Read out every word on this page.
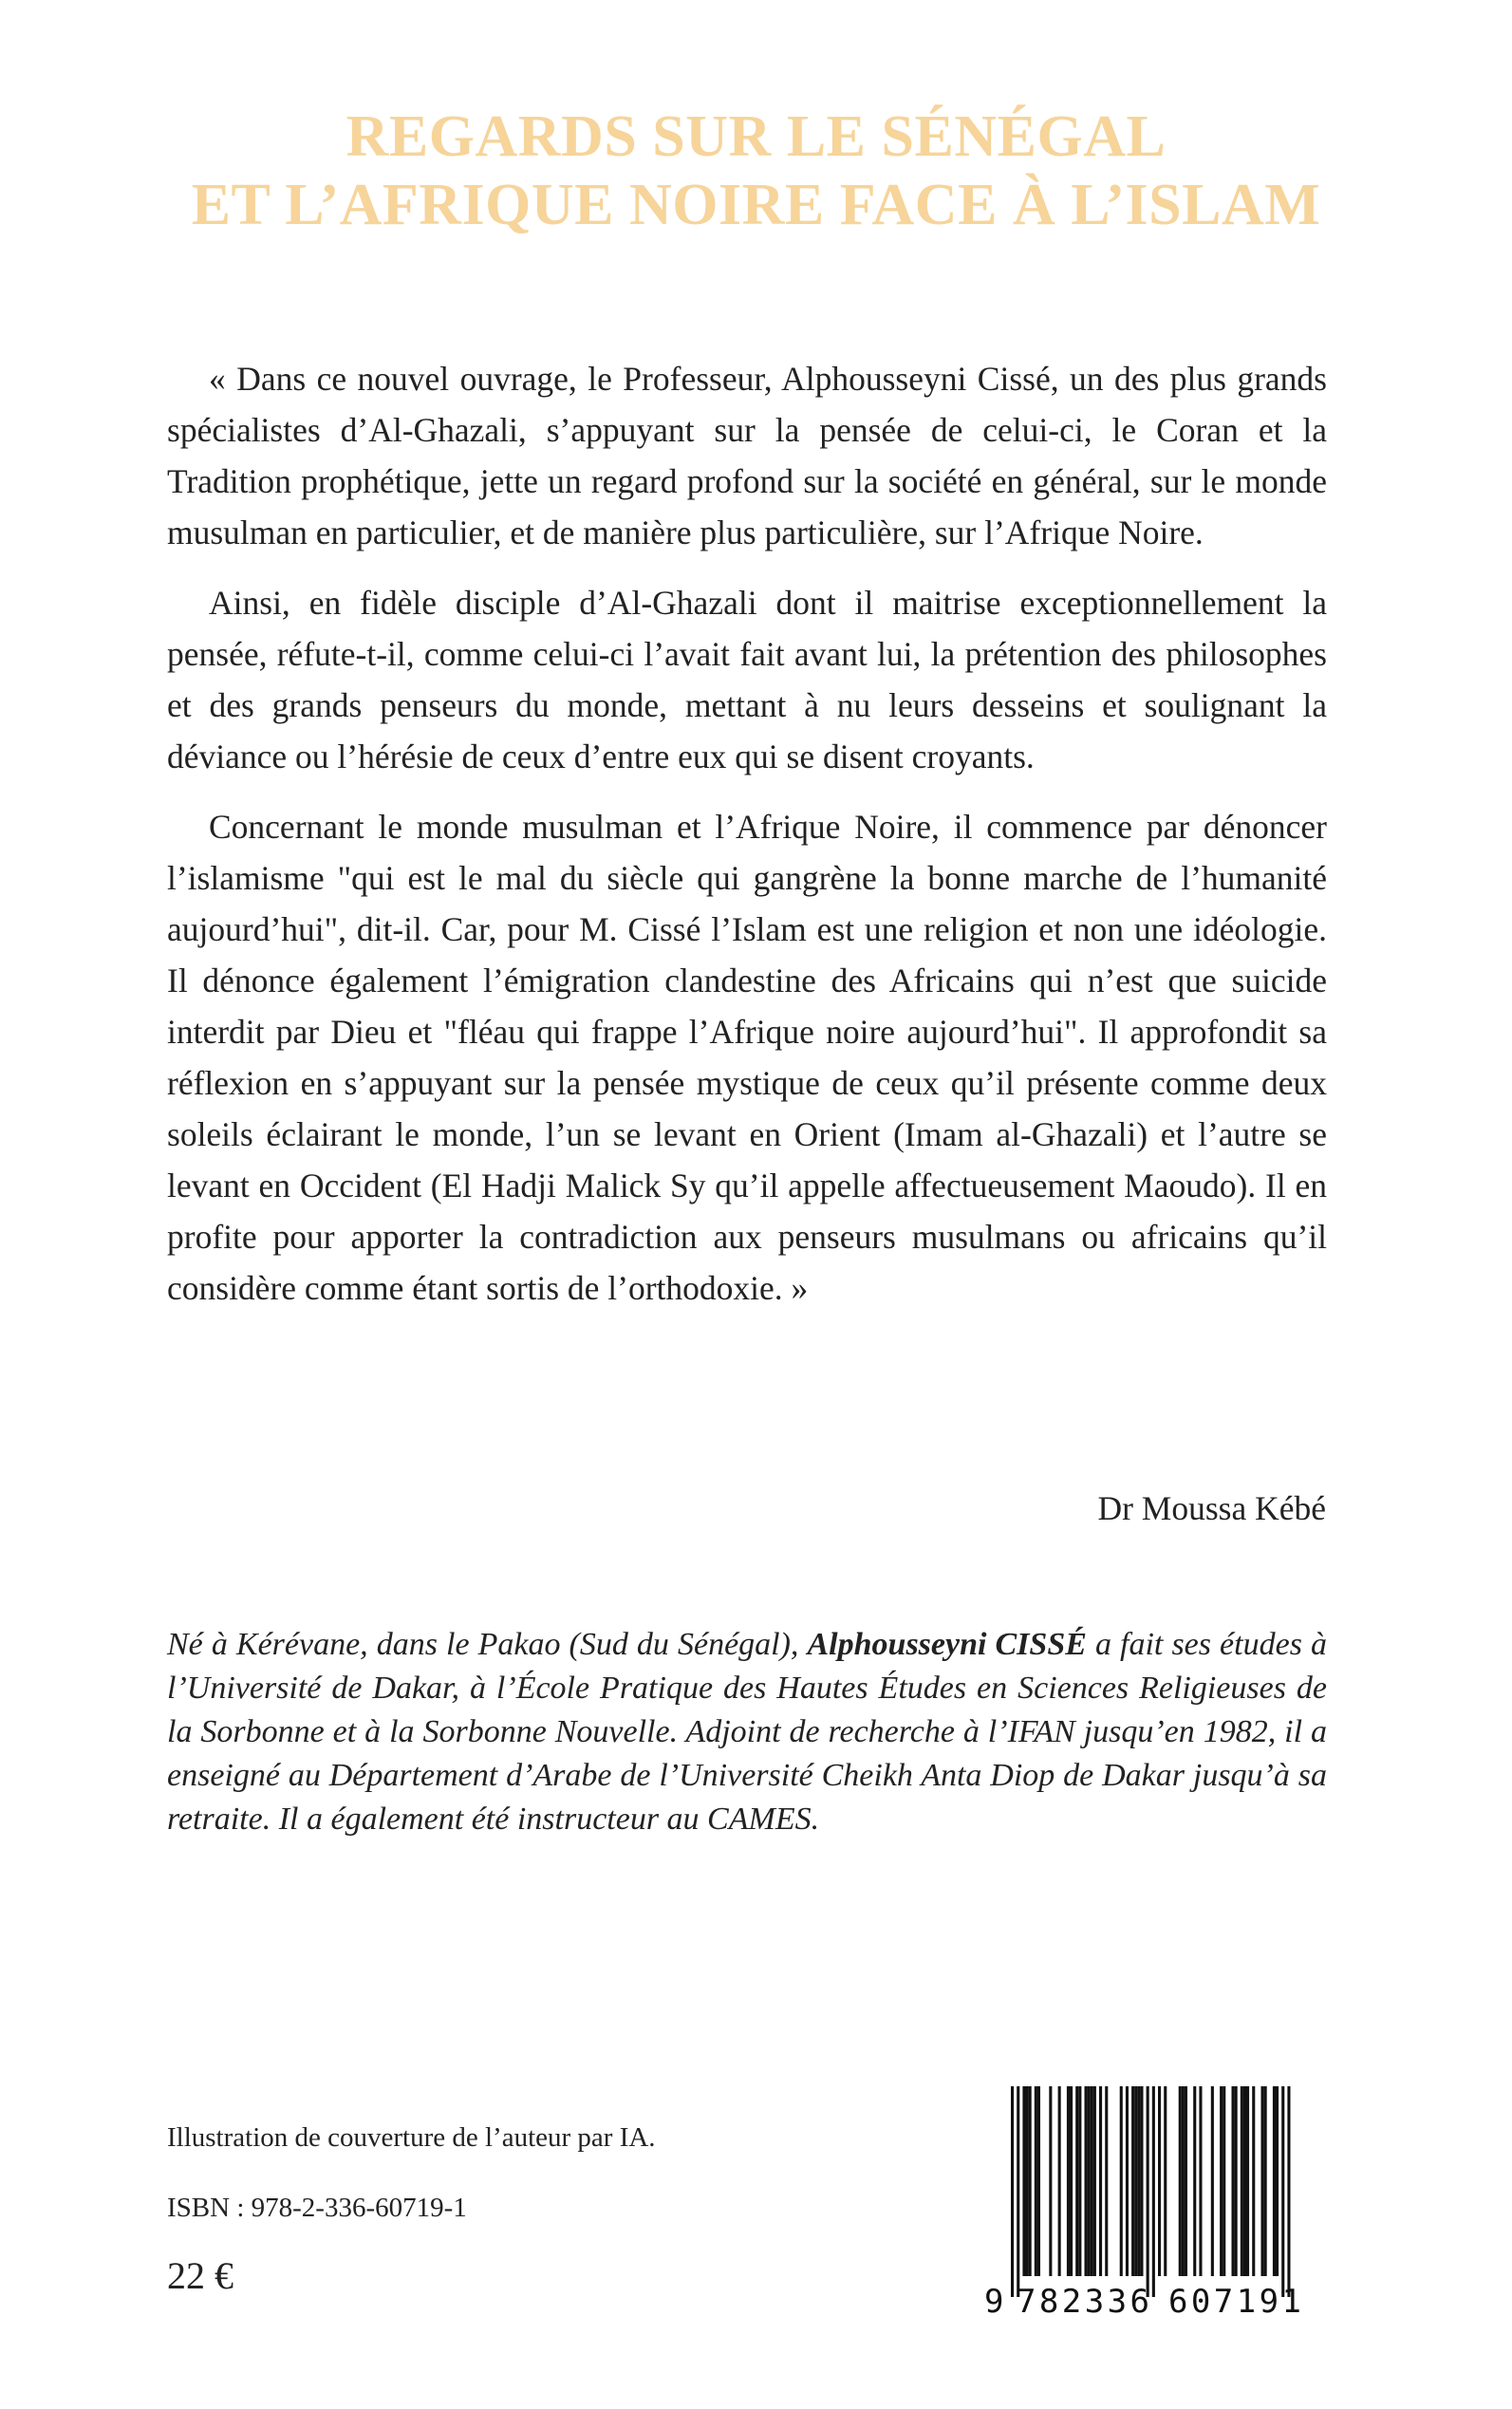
REGARDS SUR LE SÉNÉGAL
ET L’AFRIQUE NOIRE FACE À L’ISLAM

« Dans ce nouvel ouvrage, le Professeur, Alphousseyni Cissé, un des plus grands spécialistes d’Al-Ghazali, s’appuyant sur la pensée de celui-ci, le Coran et la Tradition prophétique, jette un regard profond sur la société en général, sur le monde musulman en particulier, et de manière plus particulière, sur l’Afrique Noire.

Ainsi, en fidèle disciple d’Al-Ghazali dont il maitrise exceptionnellement la pensée, réfute-t-il, comme celui-ci l’avait fait avant lui, la prétention des philosophes et des grands penseurs du monde, mettant à nu leurs desseins et soulignant la déviance ou l’hérésie de ceux d’entre eux qui se disent croyants.

Concernant le monde musulman et l’Afrique Noire, il commence par dénoncer l’islamisme "qui est le mal du siècle qui gangrène la bonne marche de l’humanité aujourd’hui", dit-il. Car, pour M. Cissé l’Islam est une religion et non une idéologie. Il dénonce également l’émigration clandestine des Africains qui n’est que suicide interdit par Dieu et "fléau qui frappe l’Afrique noire aujourd’hui". Il approfondit sa réflexion en s’appuyant sur la pensée mystique de ceux qu’il présente comme deux soleils éclairant le monde, l’un se levant en Orient (Imam al-Ghazali) et l’autre se levant en Occident (El Hadji Malick Sy qu’il appelle affectueusement Maoudo). Il en profite pour apporter la contradiction aux penseurs musulmans ou africains qu’il considère comme étant sortis de l’orthodoxie. »

Dr Moussa Kébé
Né à Kérévane, dans le Pakao (Sud du Sénégal), Alphousseyni CISSÉ a fait ses études à l’Université de Dakar, à l’École Pratique des Hautes Études en Sciences Religieuses de la Sorbonne et à la Sorbonne Nouvelle. Adjoint de recherche à l’IFAN jusqu’en 1982, il a enseigné au Département d’Arabe de l’Université Cheikh Anta Diop de Dakar jusqu’à sa retraite. Il a également été instructeur au CAMES.
Illustration de couverture de l’auteur par IA.
ISBN : 978-2-336-60719-1
22 €
9 782336 607191
